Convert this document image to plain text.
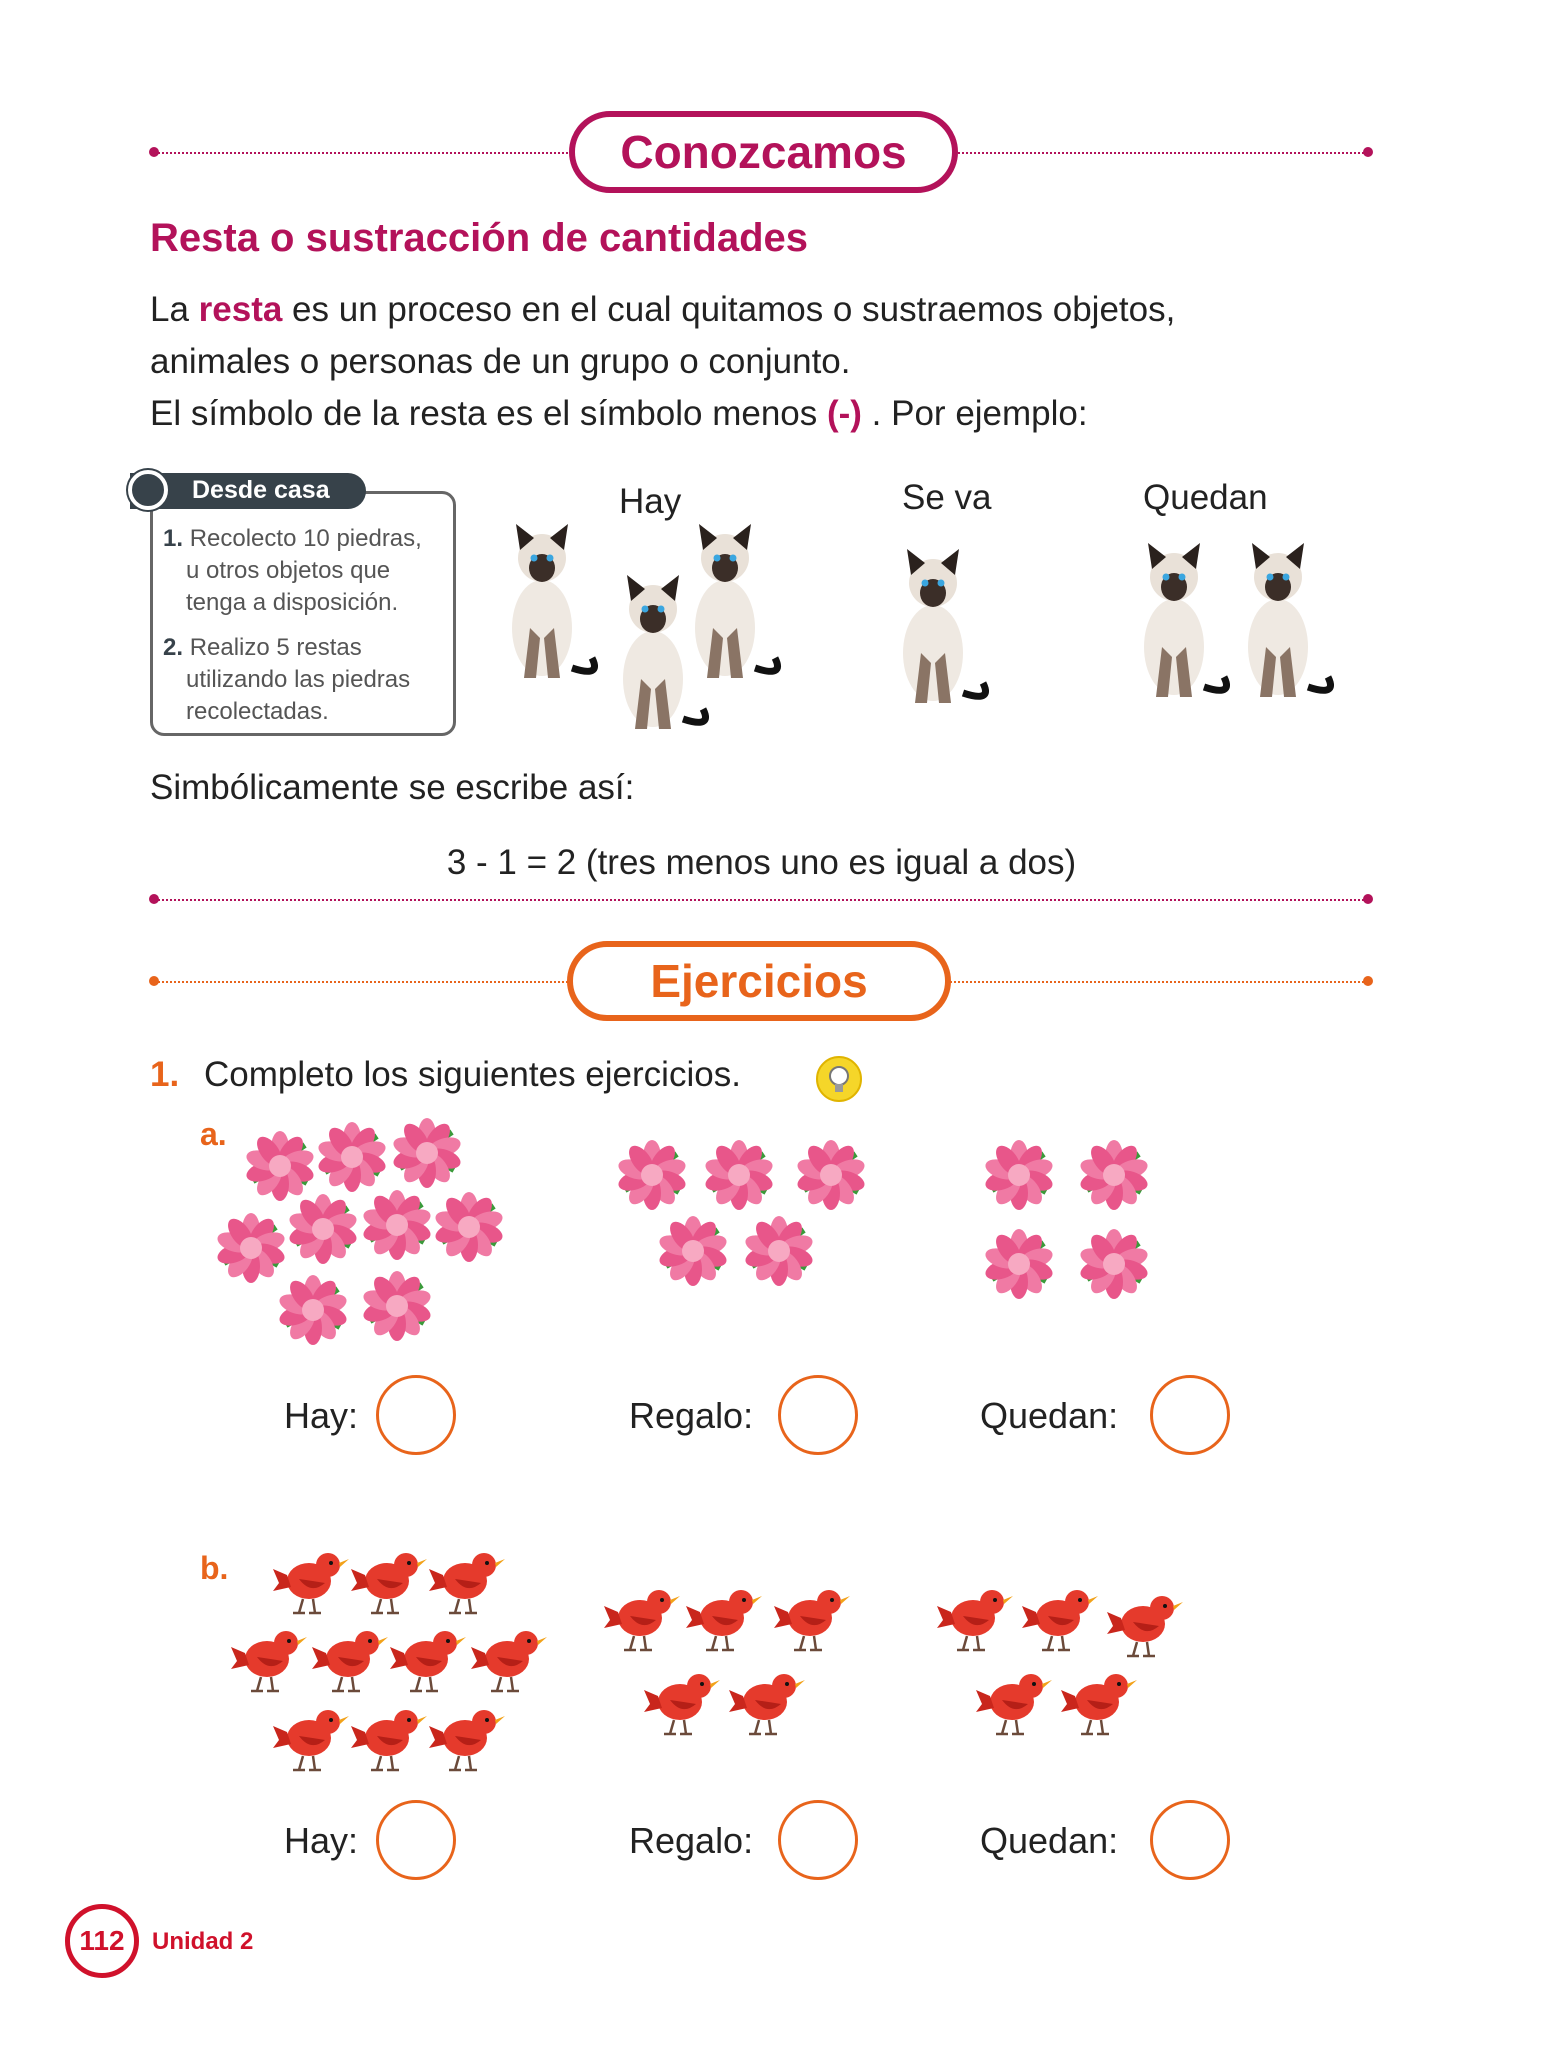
Conozcamos
Resta o sustracción de cantidades
La resta es un proceso en el cual quitamos o sustraemos objetos,
animales o personas de un grupo o conjunto.
El símbolo de la resta es el símbolo menos (-) . Por ejemplo:
Desde casa
1. Recolecto 10 piedras,
u otros objetos que
tenga a disposición.
2. Realizo 5 restas
utilizando las piedras
recolectadas.
Hay	Se va	Quedan
Simbólicamente se escribe así:
3 - 1 = 2 (tres menos uno es igual a dos)
Ejercicios
1. Completo los siguientes ejercicios.
a.
b.
Hay:	Regalo:	Quedan:
Hay:	Regalo:	Quedan:
112 Unidad 2
